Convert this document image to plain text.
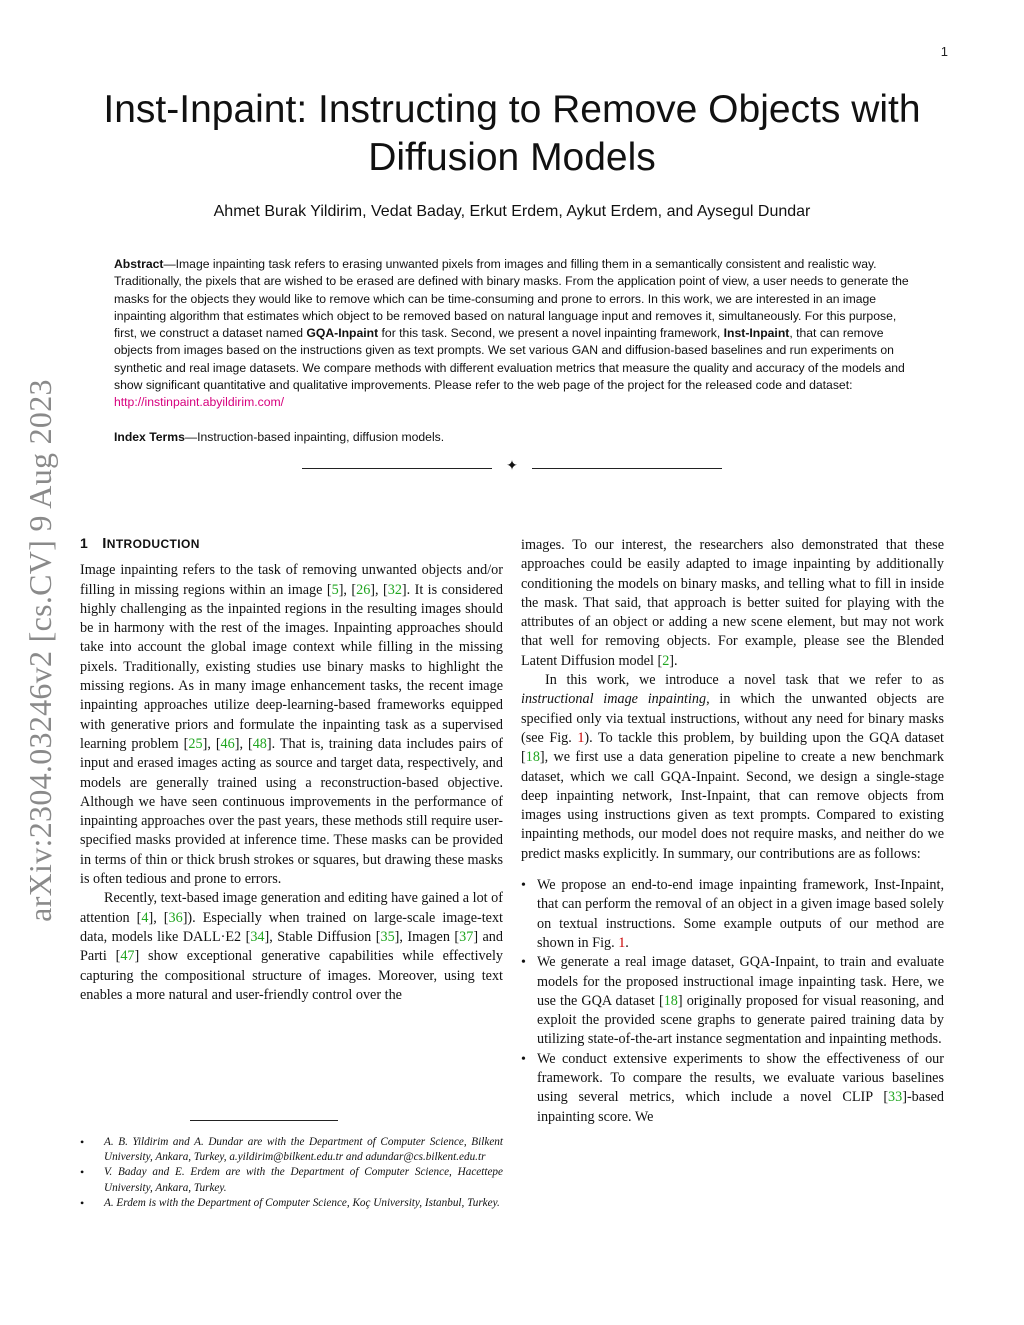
1
arXiv:2304.03246v2 [cs.CV] 9 Aug 2023
Inst-Inpaint: Instructing to Remove Objects with Diffusion Models
Ahmet Burak Yildirim, Vedat Baday, Erkut Erdem, Aykut Erdem, and Aysegul Dundar
Abstract—Image inpainting task refers to erasing unwanted pixels from images and filling them in a semantically consistent and realistic way. Traditionally, the pixels that are wished to be erased are defined with binary masks. From the application point of view, a user needs to generate the masks for the objects they would like to remove which can be time-consuming and prone to errors. In this work, we are interested in an image inpainting algorithm that estimates which object to be removed based on natural language input and removes it, simultaneously. For this purpose, first, we construct a dataset named GQA-Inpaint for this task. Second, we present a novel inpainting framework, Inst-Inpaint, that can remove objects from images based on the instructions given as text prompts. We set various GAN and diffusion-based baselines and run experiments on synthetic and real image datasets. We compare methods with different evaluation metrics that measure the quality and accuracy of the models and show significant quantitative and qualitative improvements. Please refer to the web page of the project for the released code and dataset: http://instinpaint.abyildirim.com/
Index Terms—Instruction-based inpainting, diffusion models.
✦
1 INTRODUCTION

Image inpainting refers to the task of removing unwanted objects and/or filling in missing regions within an image [5], [26], [32]. It is considered highly challenging as the inpainted regions in the resulting images should be in harmony with the rest of the images. Inpainting approaches should take into account the global image context while filling in the missing pixels. Traditionally, existing studies use binary masks to highlight the missing regions. As in many image enhancement tasks, the recent image inpainting approaches utilize deep-learning-based frameworks equipped with generative priors and formulate the inpainting task as a supervised learning problem [25], [46], [48]. That is, training data includes pairs of input and erased images acting as source and target data, respectively, and models are generally trained using a reconstruction-based objective. Although we have seen continuous improvements in the performance of inpainting approaches over the past years, these methods still require user-specified masks provided at inference time. These masks can be provided in terms of thin or thick brush strokes or squares, but drawing these masks is often tedious and prone to errors.

Recently, text-based image generation and editing have gained a lot of attention [4], [36]). Especially when trained on large-scale image-text data, models like DALL·E2 [34], Stable Diffusion [35], Imagen [37] and Parti [47] show exceptional generative capabilities while effectively capturing the compositional structure of images. Moreover, using text enables a more natural and user-friendly control over the

• A. B. Yildirim and A. Dundar are with the Department of Computer Science, Bilkent University, Ankara, Turkey, a.yildirim@bilkent.edu.tr and adundar@cs.bilkent.edu.tr
• V. Baday and E. Erdem are with the Department of Computer Science, Hacettepe University, Ankara, Turkey.
• A. Erdem is with the Department of Computer Science, Koç University, Istanbul, Turkey.

images. To our interest, the researchers also demonstrated that these approaches could be easily adapted to image inpainting by additionally conditioning the models on binary masks, and telling what to fill in inside the mask. That said, that approach is better suited for playing with the attributes of an object or adding a new scene element, but may not work that well for removing objects. For example, please see the Blended Latent Diffusion model [2].

In this work, we introduce a novel task that we refer to as instructional image inpainting, in which the unwanted objects are specified only via textual instructions, without any need for binary masks (see Fig. 1). To tackle this problem, by building upon the GQA dataset [18], we first use a data generation pipeline to create a new benchmark dataset, which we call GQA-Inpaint. Second, we design a single-stage deep inpainting network, Inst-Inpaint, that can remove objects from images using instructions given as text prompts. Compared to existing inpainting methods, our model does not require masks, and neither do we predict masks explicitly. In summary, our contributions are as follows:

• We propose an end-to-end image inpainting framework, Inst-Inpaint, that can perform the removal of an object in a given image based solely on textual instructions. Some example outputs of our method are shown in Fig. 1.
• We generate a real image dataset, GQA-Inpaint, to train and evaluate models for the proposed instructional image inpainting task. Here, we use the GQA dataset [18] originally proposed for visual reasoning, and exploit the provided scene graphs to generate paired training data by utilizing state-of-the-art instance segmentation and inpainting methods.
• We conduct extensive experiments to show the effectiveness of our framework. To compare the results, we evaluate various baselines using several metrics, which include a novel CLIP [33]-based inpainting score. We
